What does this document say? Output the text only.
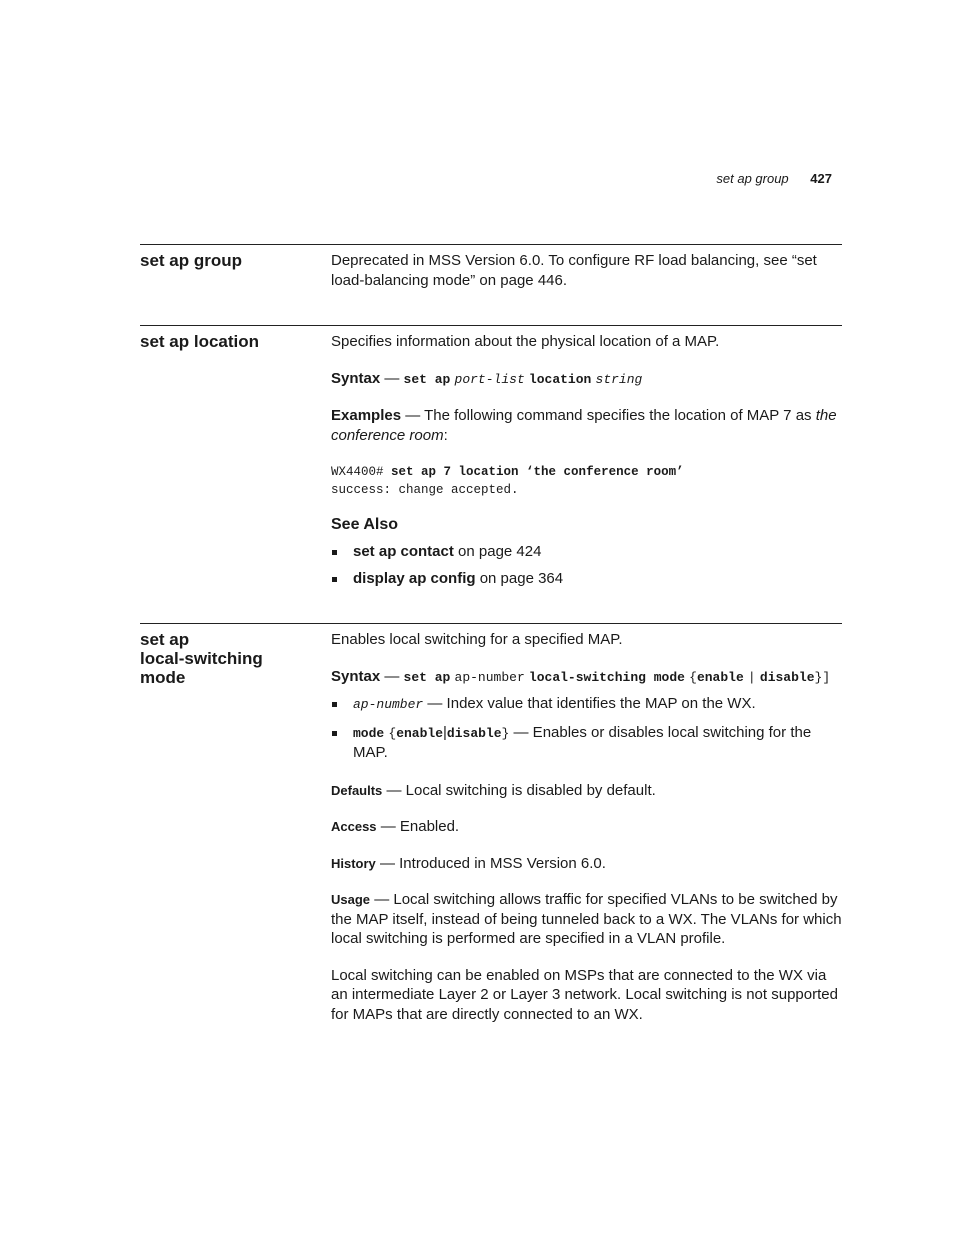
set ap group 427
set ap group	Deprecated in MSS Version 6.0. To configure RF load balancing, see “set load-balancing mode” on page 446.

set ap location	Specifies information about the physical location of a MAP.

Syntax — set ap port-list location string

Examples — The following command specifies the location of MAP 7 as the conference room:

WX4400# set ap 7 location ‘the conference room’
success: change accepted.

See Also

set ap contact on page 424
display ap config on page 364
set ap
local-switching
mode

Enables local switching for a specified MAP.

Syntax — set ap ap-number local-switching mode {enable | disable}]

ap-number — Index value that identifies the MAP on the WX.
mode {enable|disable} — Enables or disables local switching for the MAP.

Defaults — Local switching is disabled by default.

Access — Enabled.

History — Introduced in MSS Version 6.0.

Usage — Local switching allows traffic for specified VLANs to be switched by the MAP itself, instead of being tunneled back to a WX. The VLANs for which local switching is performed are specified in a VLAN profile.

Local switching can be enabled on MSPs that are connected to the WX via an intermediate Layer 2 or Layer 3 network. Local switching is not supported for MAPs that are directly connected to an WX.
